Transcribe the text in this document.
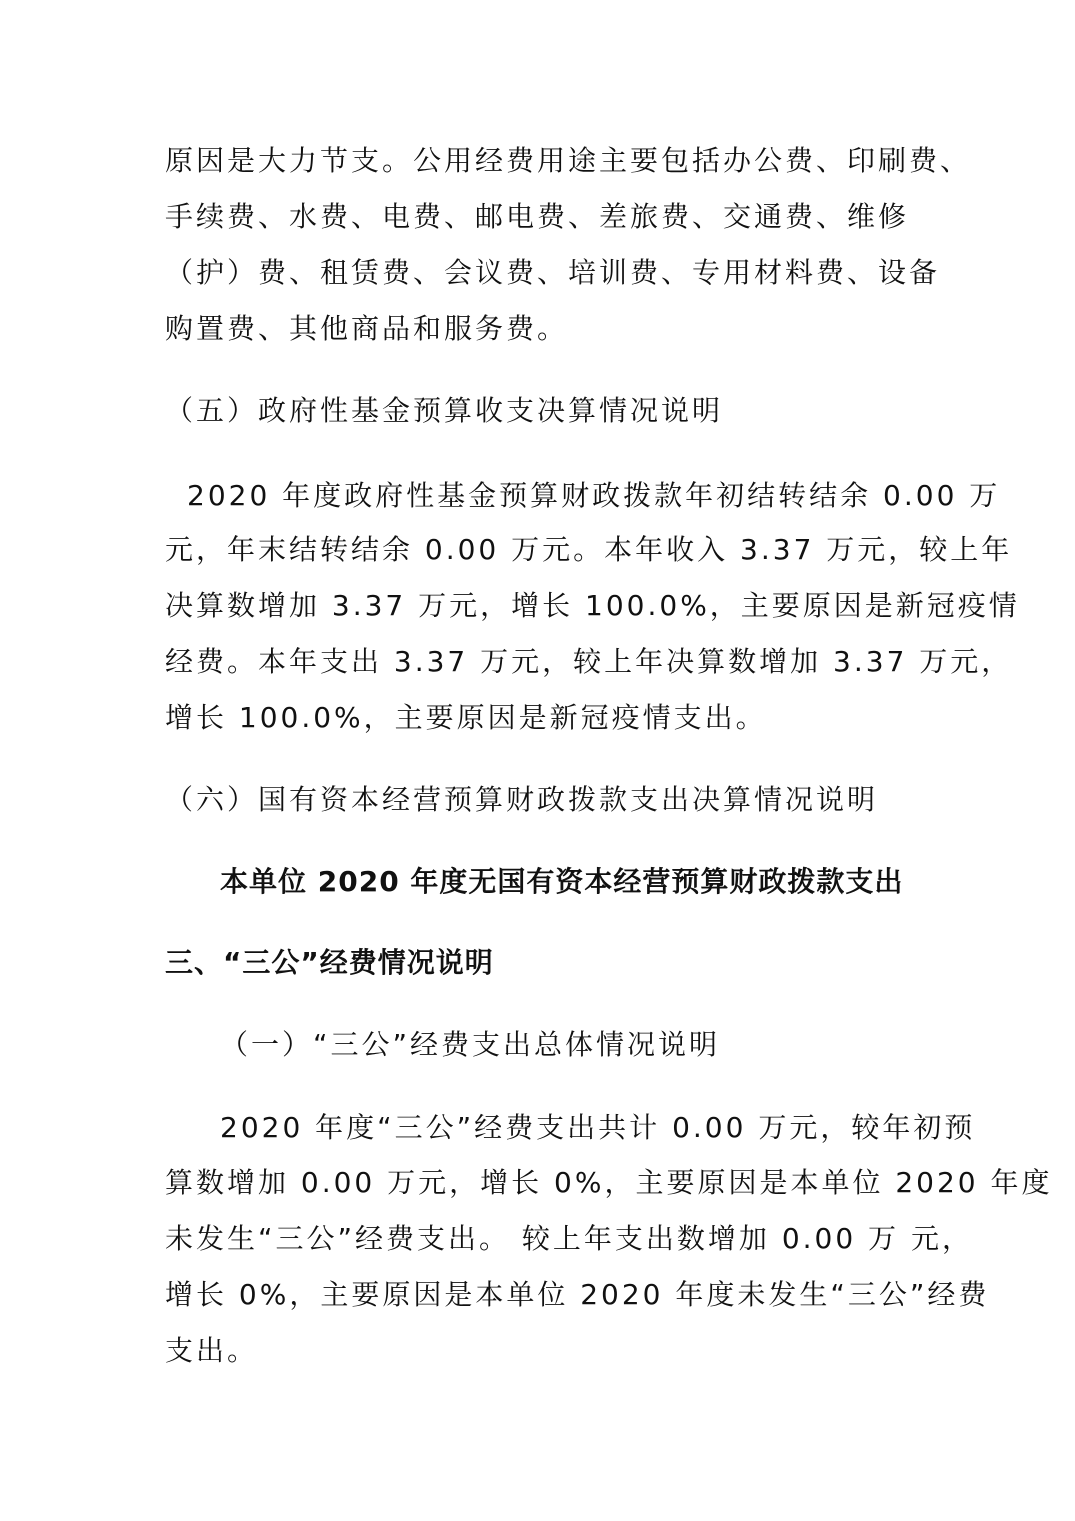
原因是大力节支。公用经费用途主要包括办公费、印刷费、
手续费、水费、电费、邮电费、差旅费、交通费、维修
（护）费、租赁费、会议费、培训费、专用材料费、设备
购置费、其他商品和服务费。
（五）政府性基金预算收支决算情况说明
2020 年度政府性基金预算财政拨款年初结转结余 0.00 万
元，年末结转结余 0.00 万元。本年收入 3.37 万元，较上年
决算数增加 3.37 万元，增长 100.0%，主要原因是新冠疫情
经费。本年支出 3.37 万元，较上年决算数增加 3.37 万元，
增长 100.0%，主要原因是新冠疫情支出。
（六）国有资本经营预算财政拨款支出决算情况说明
本单位 2020 年度无国有资本经营预算财政拨款支出
三、“三公”经费情况说明
（一）“三公”经费支出总体情况说明
2020 年度“三公”经费支出共计 0.00 万元，较年初预
算数增加 0.00 万元，增长 0%，主要原因是本单位 2020 年度
未发生“三公”经费支出。 较上年支出数增加 0.00 万 元，
增长 0%，主要原因是本单位 2020 年度未发生“三公”经费
支出。
